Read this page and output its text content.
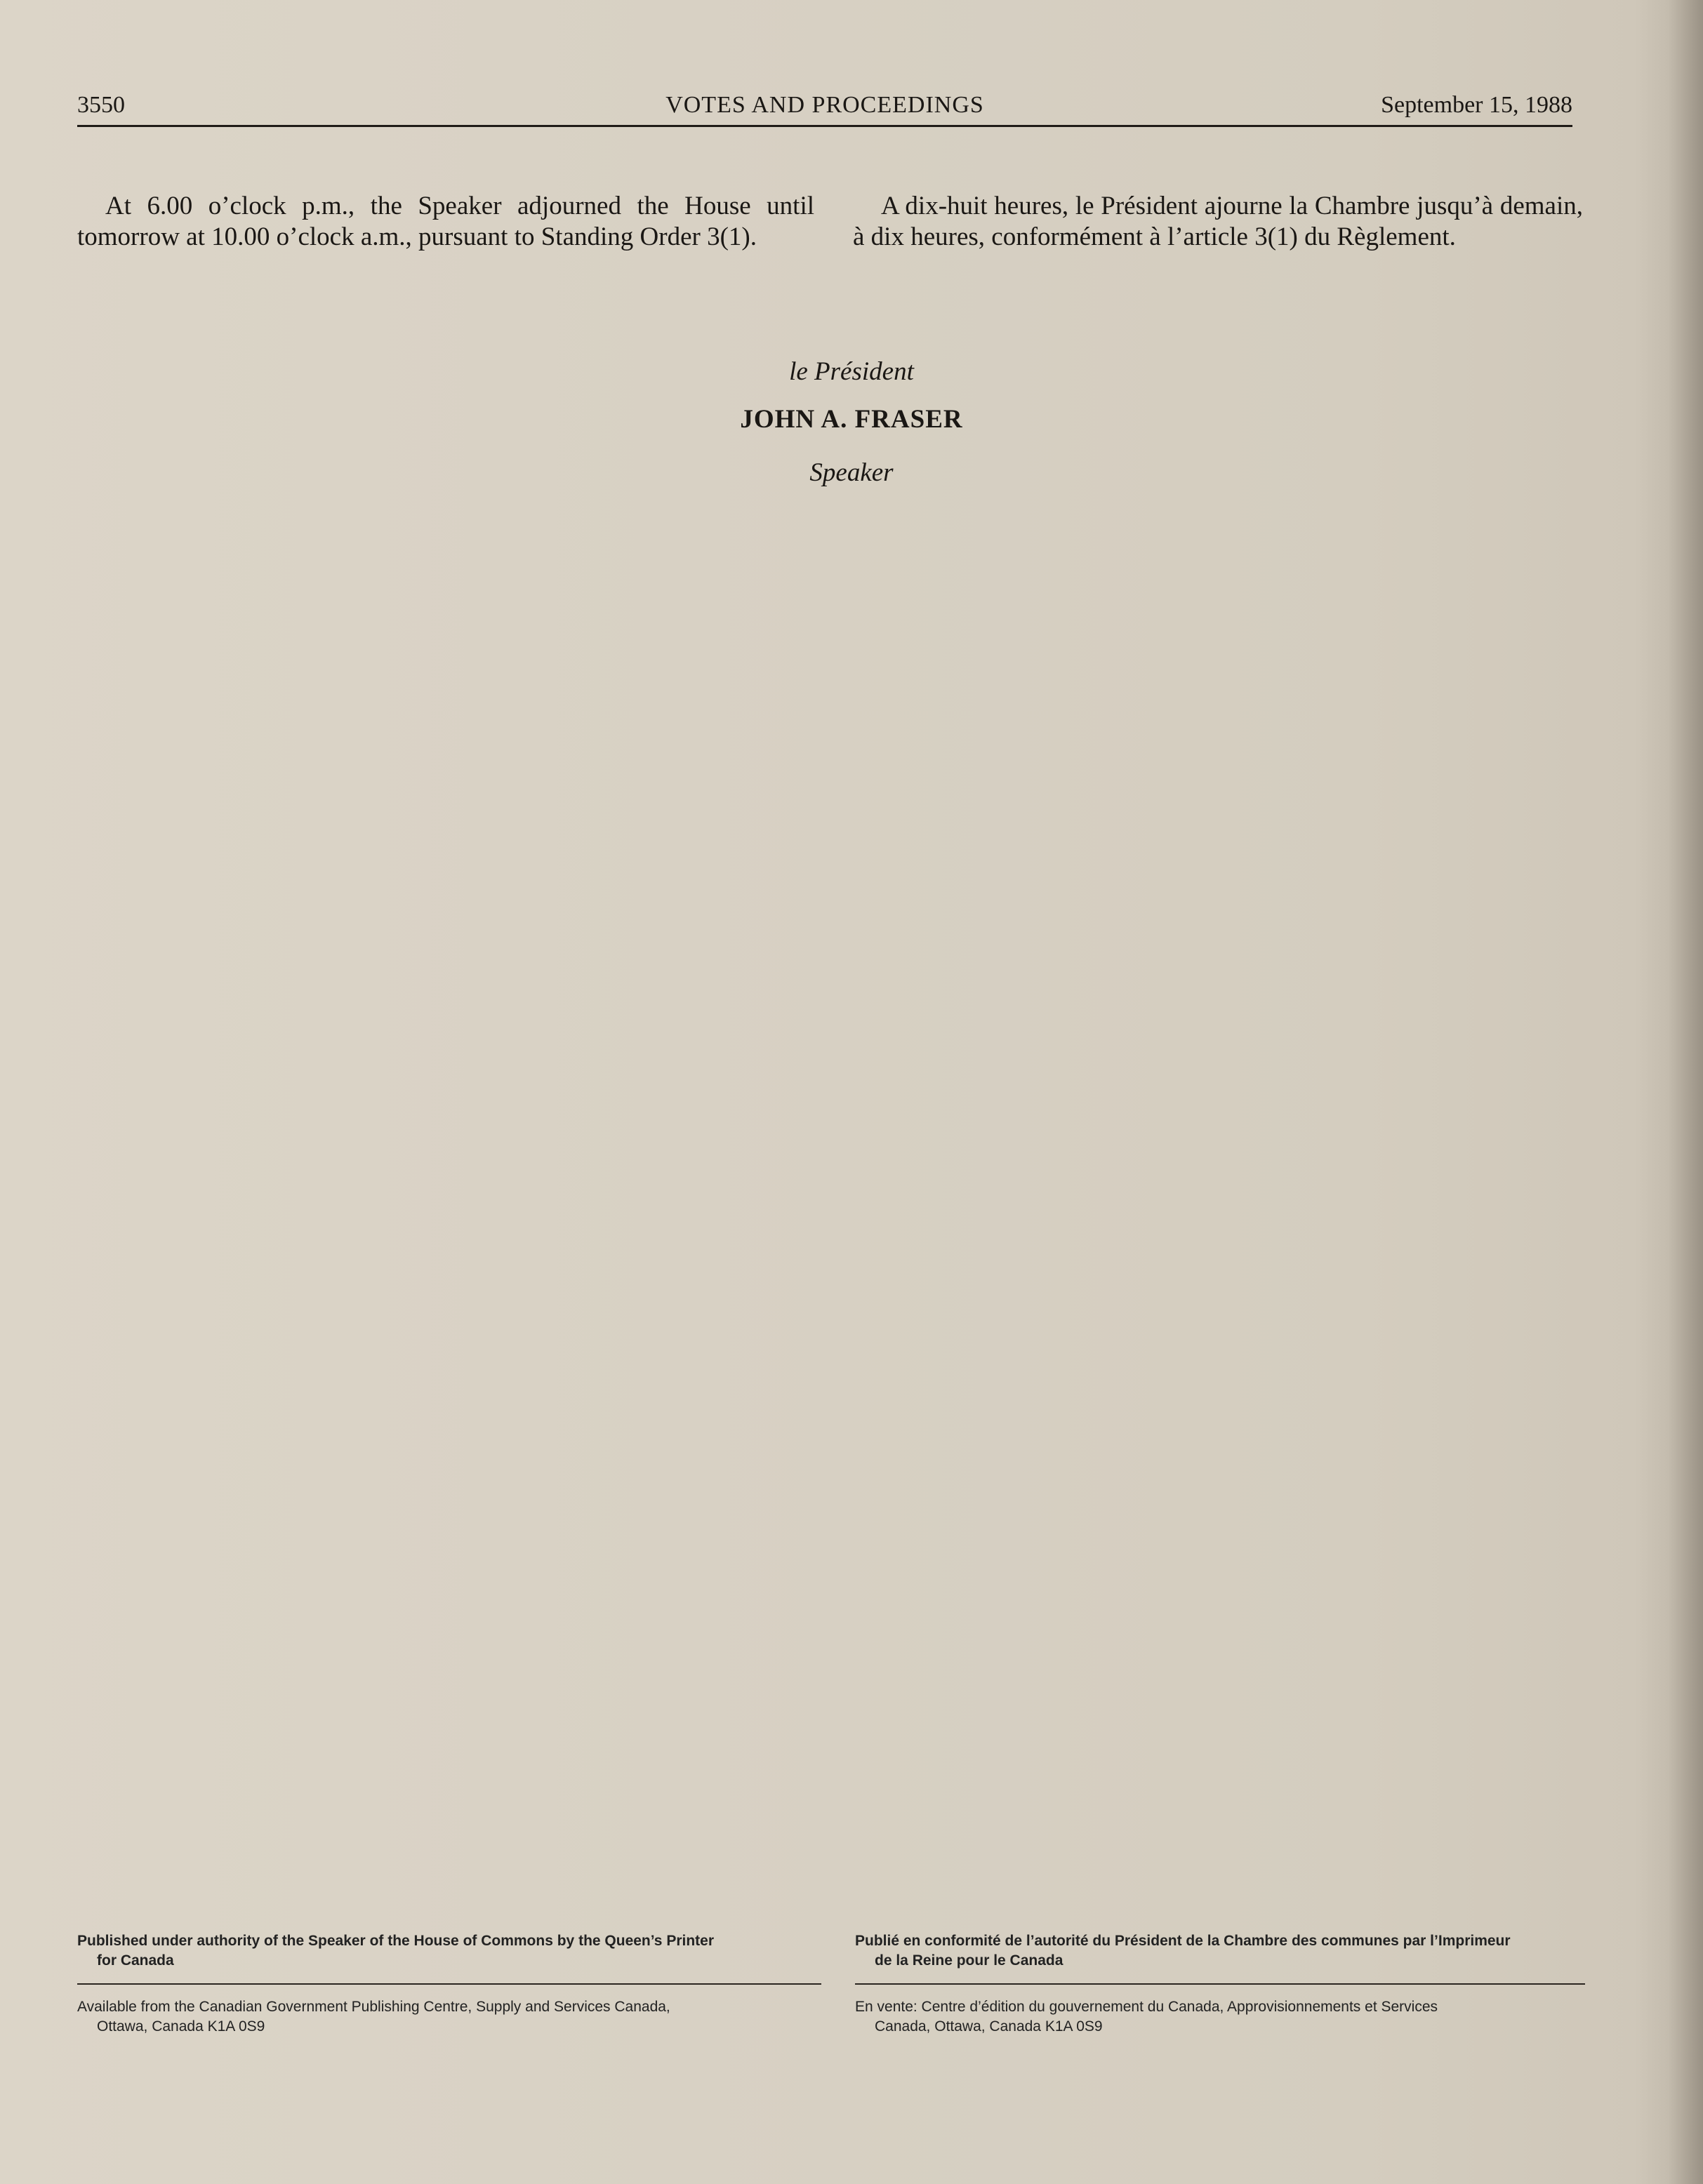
3550	VOTES AND PROCEEDINGS	September 15, 1988

At 6.00 o’clock p.m., the Speaker adjourned the House until tomorrow at 10.00 o’clock a.m., pursuant to Standing Order 3(1).

A dix-huit heures, le Président ajourne la Chambre jusqu’à demain, à dix heures, conformément à l’article 3(1) du Règlement.

le Président
JOHN A. FRASER
Speaker
Published under authority of the Speaker of the House of Commons by the Queen’s Printer
for Canada
Publié en conformité de l’autorité du Président de la Chambre des communes par l’Imprimeur
de la Reine pour le Canada
Available from the Canadian Government Publishing Centre, Supply and Services Canada,
Ottawa, Canada K1A 0S9
En vente: Centre d’édition du gouvernement du Canada, Approvisionnements et Services
Canada, Ottawa, Canada K1A 0S9
